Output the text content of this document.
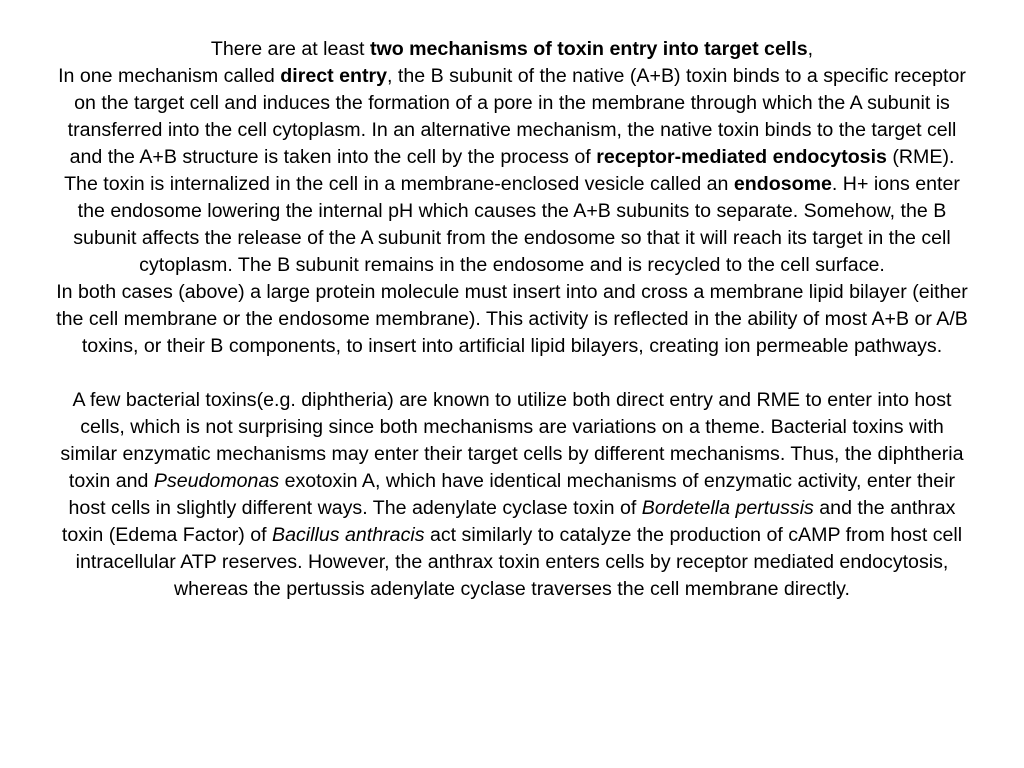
There are at least two mechanisms of toxin entry into target cells,

In one mechanism called direct entry, the B subunit of the native (A+B) toxin binds to a specific receptor on the target cell and induces the formation of a pore in the membrane through which the A subunit is transferred into the cell cytoplasm. In an alternative mechanism, the native toxin binds to the target cell and the A+B structure is taken into the cell by the process of receptor-mediated endocytosis (RME). The toxin is internalized in the cell in a membrane-enclosed vesicle called an endosome. H+ ions enter the endosome lowering the internal pH which causes the A+B subunits to separate. Somehow, the B subunit affects the release of the A subunit from the endosome so that it will reach its target in the cell cytoplasm. The B subunit remains in the endosome and is recycled to the cell surface.

In both cases (above) a large protein molecule must insert into and cross a membrane lipid bilayer (either the cell membrane or the endosome membrane). This activity is reflected in the ability of most A+B or A/B toxins, or their B components, to insert into artificial lipid bilayers, creating ion permeable pathways.

A few bacterial toxins(e.g. diphtheria) are known to utilize both direct entry and RME to enter into host cells, which is not surprising since both mechanisms are variations on a theme. Bacterial toxins with similar enzymatic mechanisms may enter their target cells by different mechanisms. Thus, the diphtheria toxin and Pseudomonas exotoxin A, which have identical mechanisms of enzymatic activity, enter their host cells in slightly different ways. The adenylate cyclase toxin of Bordetella pertussis and the anthrax toxin (Edema Factor) of Bacillus anthracis act similarly to catalyze the production of cAMP from host cell intracellular ATP reserves. However, the anthrax toxin enters cells by receptor mediated endocytosis, whereas the pertussis adenylate cyclase traverses the cell membrane directly.
